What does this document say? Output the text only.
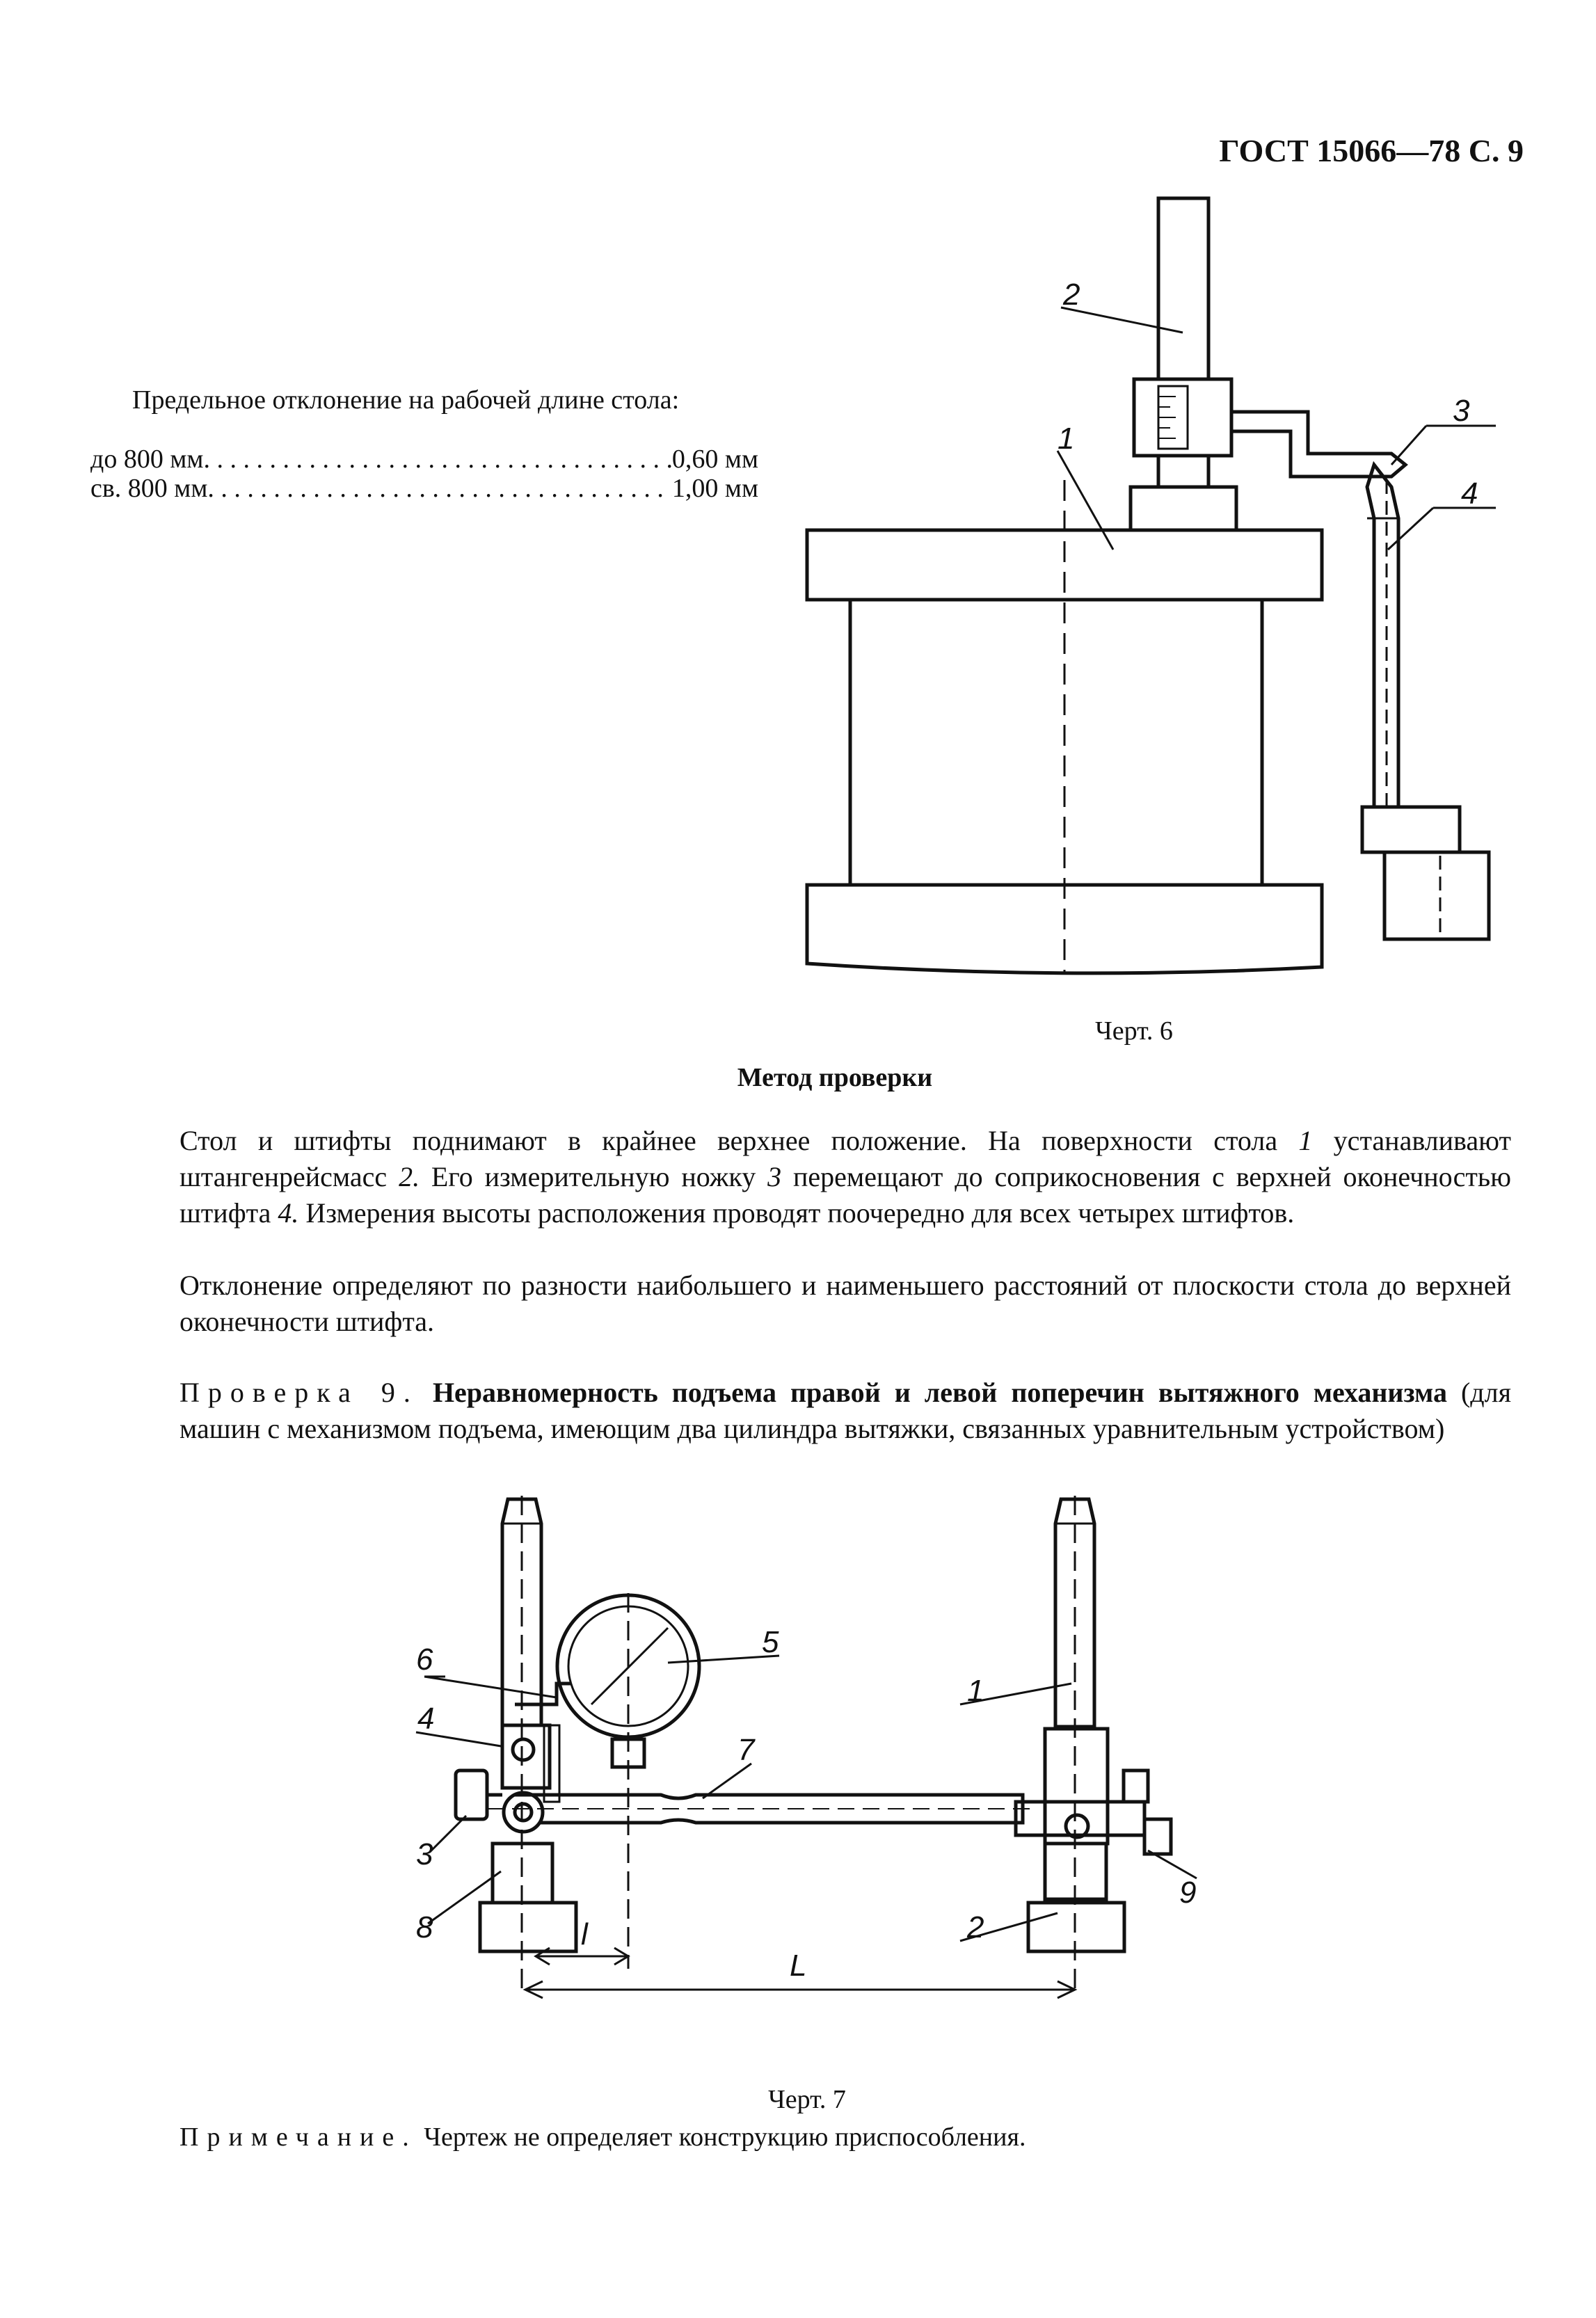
ГОСТ 15066—78 С. 9
Предельное отклонение на рабочей длине стола:
до 800 мм . . .	0,60 мм
св. 800 мм . . .	1,00 мм
2
1
3
4
Черт. 6
Метод проверки
Стол и штифты поднимают в крайнее верхнее положение. На поверхности стола 1 устанавливают штангенрейсмасс 2. Его измерительную ножку 3 перемещают до соприкосновения с верхней оконечностью штифта 4. Измерения высоты расположения проводят поочередно для всех четырех штифтов.
Отклонение определяют по разности наибольшего и наименьшего расстояний от плоскости стола до верхней оконечности штифта.
Проверка 9. Неравномерность подъема правой и левой поперечин вытяжного механизма (для машин с механизмом подъема, имеющим два цилиндра вытяжки, связанных уравнительным устройством)
1
2
3
4
5
6
7
8
9
l
L
Черт. 7
Примечание. Чертеж не определяет конструкцию приспособления.
